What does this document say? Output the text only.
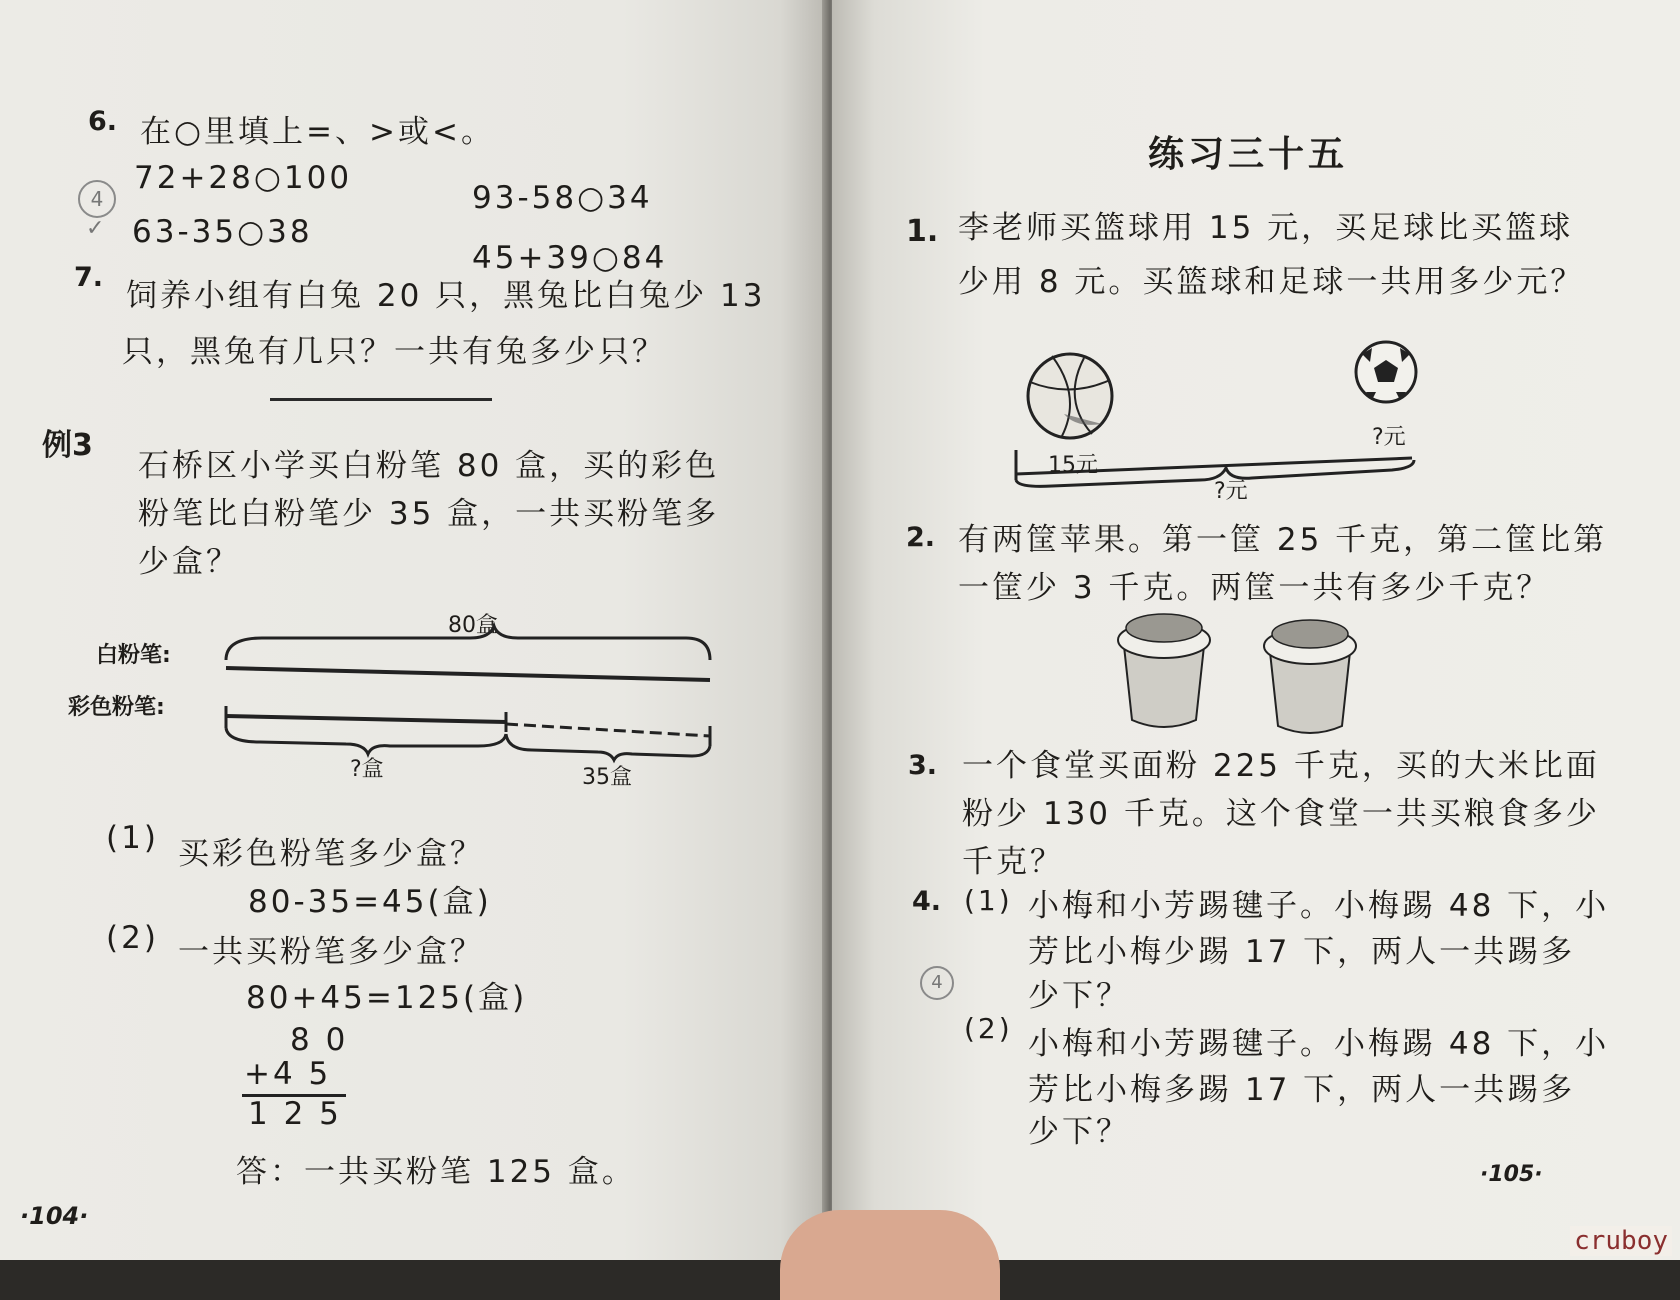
6. 在○里填上=、>或<。
72+28○100
93-58○34
63-35○38
45+39○84
4
✓
7.
饲养小组有白兔 20 只，黑兔比白兔少 13
只，黑兔有几只？一共有兔多少只？
例3
石桥区小学买白粉笔 80 盒，买的彩色
粉笔比白粉笔少 35 盒，一共买粉笔多
少盒？
白粉笔:
彩色粉笔:
80盒
?盒	35盒
(1) 买彩色粉笔多少盒？
80-35=45(盒)
(2) 一共买粉笔多少盒？
80+45=125(盒)
8 0
+4 5
1 2 5
答：一共买粉笔 125 盒。
·104·
练习三十五
1. 李老师买篮球用 15 元，买足球比买篮球
少用 8 元。买篮球和足球一共用多少元？
15元
?元
?元
2. 有两筐苹果。第一筐 25 千克，第二筐比第
一筐少 3 千克。两筐一共有多少千克？
3. 一个食堂买面粉 225 千克，买的大米比面
粉少 130 千克。这个食堂一共买粮食多少
千克？
4. (1) 小梅和小芳踢毽子。小梅踢 48 下，小
芳比小梅少踢 17 下，两人一共踢多
少下？
(2) 小梅和小芳踢毽子。小梅踢 48 下，小
芳比小梅多踢 17 下，两人一共踢多
少下？
4
·105·
cruboy
